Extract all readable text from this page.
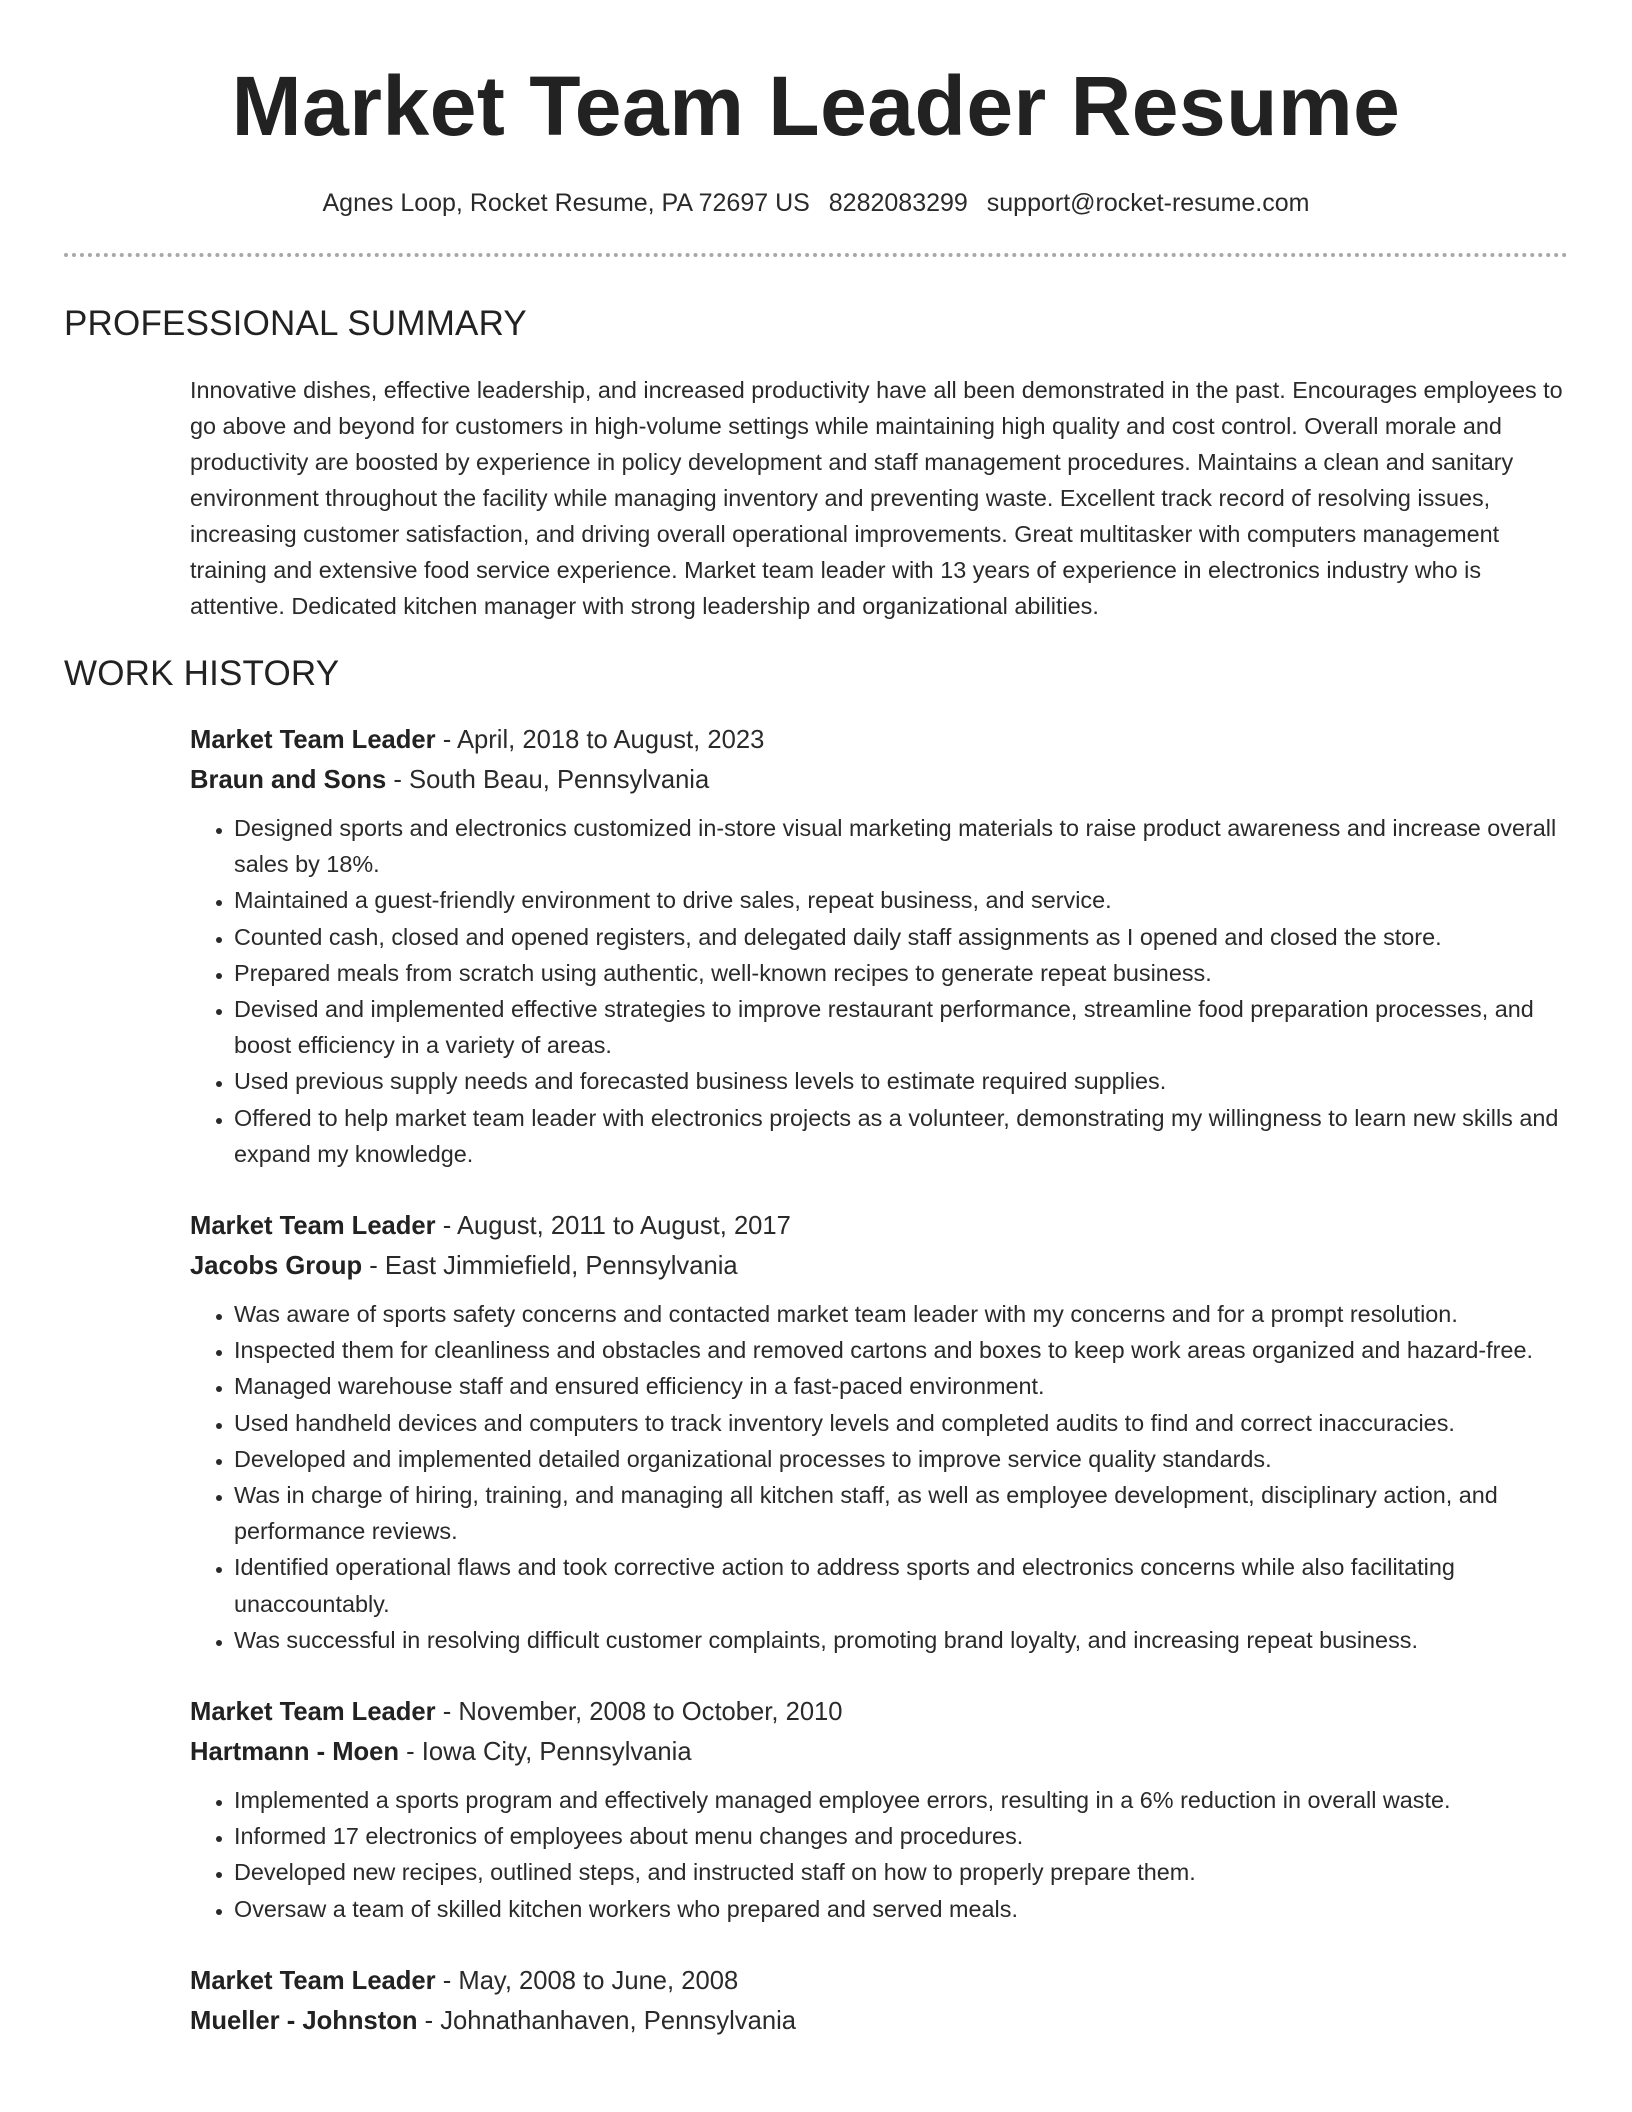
Market Team Leader Resume
Agnes Loop, Rocket Resume, PA 72697 US 8282083299 support@rocket-resume.com
PROFESSIONAL SUMMARY

Innovative dishes, effective leadership, and increased productivity have all been demonstrated in the past. Encourages employees to go above and beyond for customers in high-volume settings while maintaining high quality and cost control. Overall morale and productivity are boosted by experience in policy development and staff management procedures. Maintains a clean and sanitary environment throughout the facility while managing inventory and preventing waste. Excellent track record of resolving issues, increasing customer satisfaction, and driving overall operational improvements. Great multitasker with computers management training and extensive food service experience. Market team leader with 13 years of experience in electronics industry who is attentive. Dedicated kitchen manager with strong leadership and organizational abilities.

WORK HISTORY
Market Team Leader - April, 2018 to August, 2023
Braun and Sons - South Beau, Pennsylvania
• Designed sports and electronics customized in-store visual marketing materials to raise product awareness and increase overall sales by 18%.
• Maintained a guest-friendly environment to drive sales, repeat business, and service.
• Counted cash, closed and opened registers, and delegated daily staff assignments as I opened and closed the store.
• Prepared meals from scratch using authentic, well-known recipes to generate repeat business.
• Devised and implemented effective strategies to improve restaurant performance, streamline food preparation processes, and boost efficiency in a variety of areas.
• Used previous supply needs and forecasted business levels to estimate required supplies.
• Offered to help market team leader with electronics projects as a volunteer, demonstrating my willingness to learn new skills and expand my knowledge.
Market Team Leader - August, 2011 to August, 2017
Jacobs Group - East Jimmiefield, Pennsylvania
• Was aware of sports safety concerns and contacted market team leader with my concerns and for a prompt resolution.
• Inspected them for cleanliness and obstacles and removed cartons and boxes to keep work areas organized and hazard-free.
• Managed warehouse staff and ensured efficiency in a fast-paced environment.
• Used handheld devices and computers to track inventory levels and completed audits to find and correct inaccuracies.
• Developed and implemented detailed organizational processes to improve service quality standards.
• Was in charge of hiring, training, and managing all kitchen staff, as well as employee development, disciplinary action, and performance reviews.
• Identified operational flaws and took corrective action to address sports and electronics concerns while also facilitating unaccountably.
• Was successful in resolving difficult customer complaints, promoting brand loyalty, and increasing repeat business.
Market Team Leader - November, 2008 to October, 2010
Hartmann - Moen - Iowa City, Pennsylvania
• Implemented a sports program and effectively managed employee errors, resulting in a 6% reduction in overall waste.
• Informed 17 electronics of employees about menu changes and procedures.
• Developed new recipes, outlined steps, and instructed staff on how to properly prepare them.
• Oversaw a team of skilled kitchen workers who prepared and served meals.
Market Team Leader - May, 2008 to June, 2008
Mueller - Johnston - Johnathanhaven, Pennsylvania
